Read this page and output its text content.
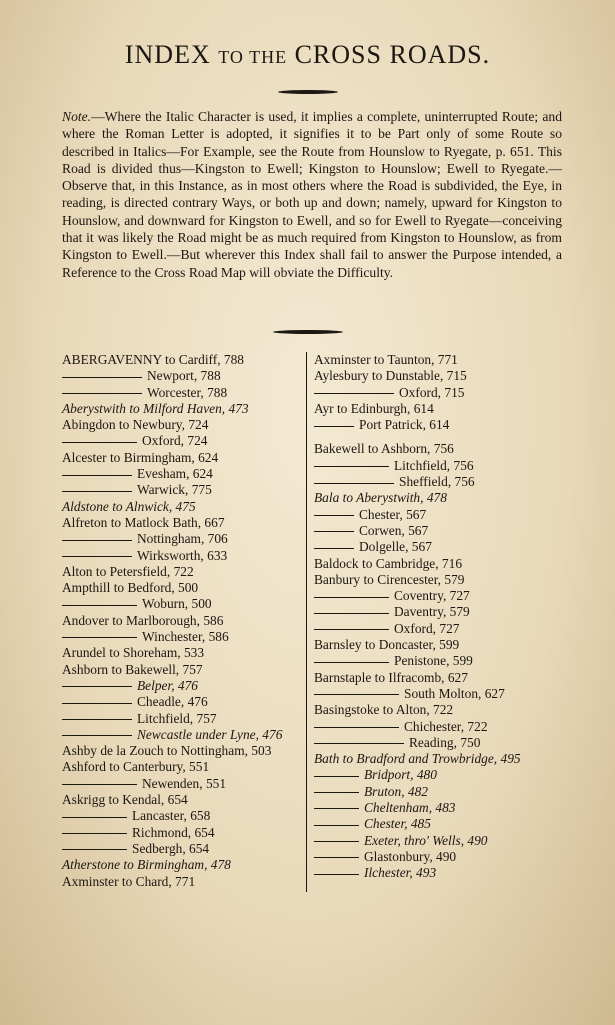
INDEX TO THE CROSS ROADS.

Note.—Where the Italic Character is used, it implies a complete, uninterrupted Route; and where the Roman Letter is adopted, it signifies it to be Part only of some Route so described in Italics—For Example, see the Route from Hounslow to Ryegate, p. 651. This Road is divided thus—Kingston to Ewell; Kingston to Hounslow; Ewell to Ryegate.—Observe that, in this Instance, as in most others where the Road is subdivided, the Eye, in reading, is directed contrary Ways, or both up and down; namely, upward for Kingston to Hounslow, and downward for Kingston to Ewell, and so for Ewell to Ryegate—conceiving that it was likely the Road might be as much required from Kingston to Hounslow, as from Kingston to Ewell.—But wherever this Index shall fail to answer the Purpose intended, a Reference to the Cross Road Map will obviate the Difficulty.

ABERGAVENNY to Cardiff, 788
Newport, 788
Worcester, 788
Aberystwith to Milford Haven, 473
Abingdon to Newbury, 724
Oxford, 724
Alcester to Birmingham, 624
Evesham, 624
Warwick, 775
Aldstone to Alnwick, 475
Alfreton to Matlock Bath, 667
Nottingham, 706
Wirksworth, 633
Alton to Petersfield, 722
Ampthill to Bedford, 500
Woburn, 500
Andover to Marlborough, 586
Winchester, 586
Arundel to Shoreham, 533
Ashborn to Bakewell, 757
Belper, 476
Cheadle, 476
Litchfield, 757
Newcastle under Lyne, 476
Ashby de la Zouch to Nottingham, 503
Ashford to Canterbury, 551
Newenden, 551
Askrigg to Kendal, 654
Lancaster, 658
Richmond, 654
Sedbergh, 654
Atherstone to Birmingham, 478
Axminster to Chard, 771
Axminster to Taunton, 771
Aylesbury to Dunstable, 715
Oxford, 715
Ayr to Edinburgh, 614
Port Patrick, 614
Bakewell to Ashborn, 756
Litchfield, 756
Sheffield, 756
Bala to Aberystwith, 478
Chester, 567
Corwen, 567
Dolgelle, 567
Baldock to Cambridge, 716
Banbury to Cirencester, 579
Coventry, 727
Daventry, 579
Oxford, 727
Barnsley to Doncaster, 599
Penistone, 599
Barnstaple to Ilfracomb, 627
South Molton, 627
Basingstoke to Alton, 722
Chichester, 722
Reading, 750
Bath to Bradford and Trowbridge, 495
Bridport, 480
Bruton, 482
Cheltenham, 483
Chester, 485
Exeter, thro' Wells, 490
Glastonbury, 490
Ilchester, 493
